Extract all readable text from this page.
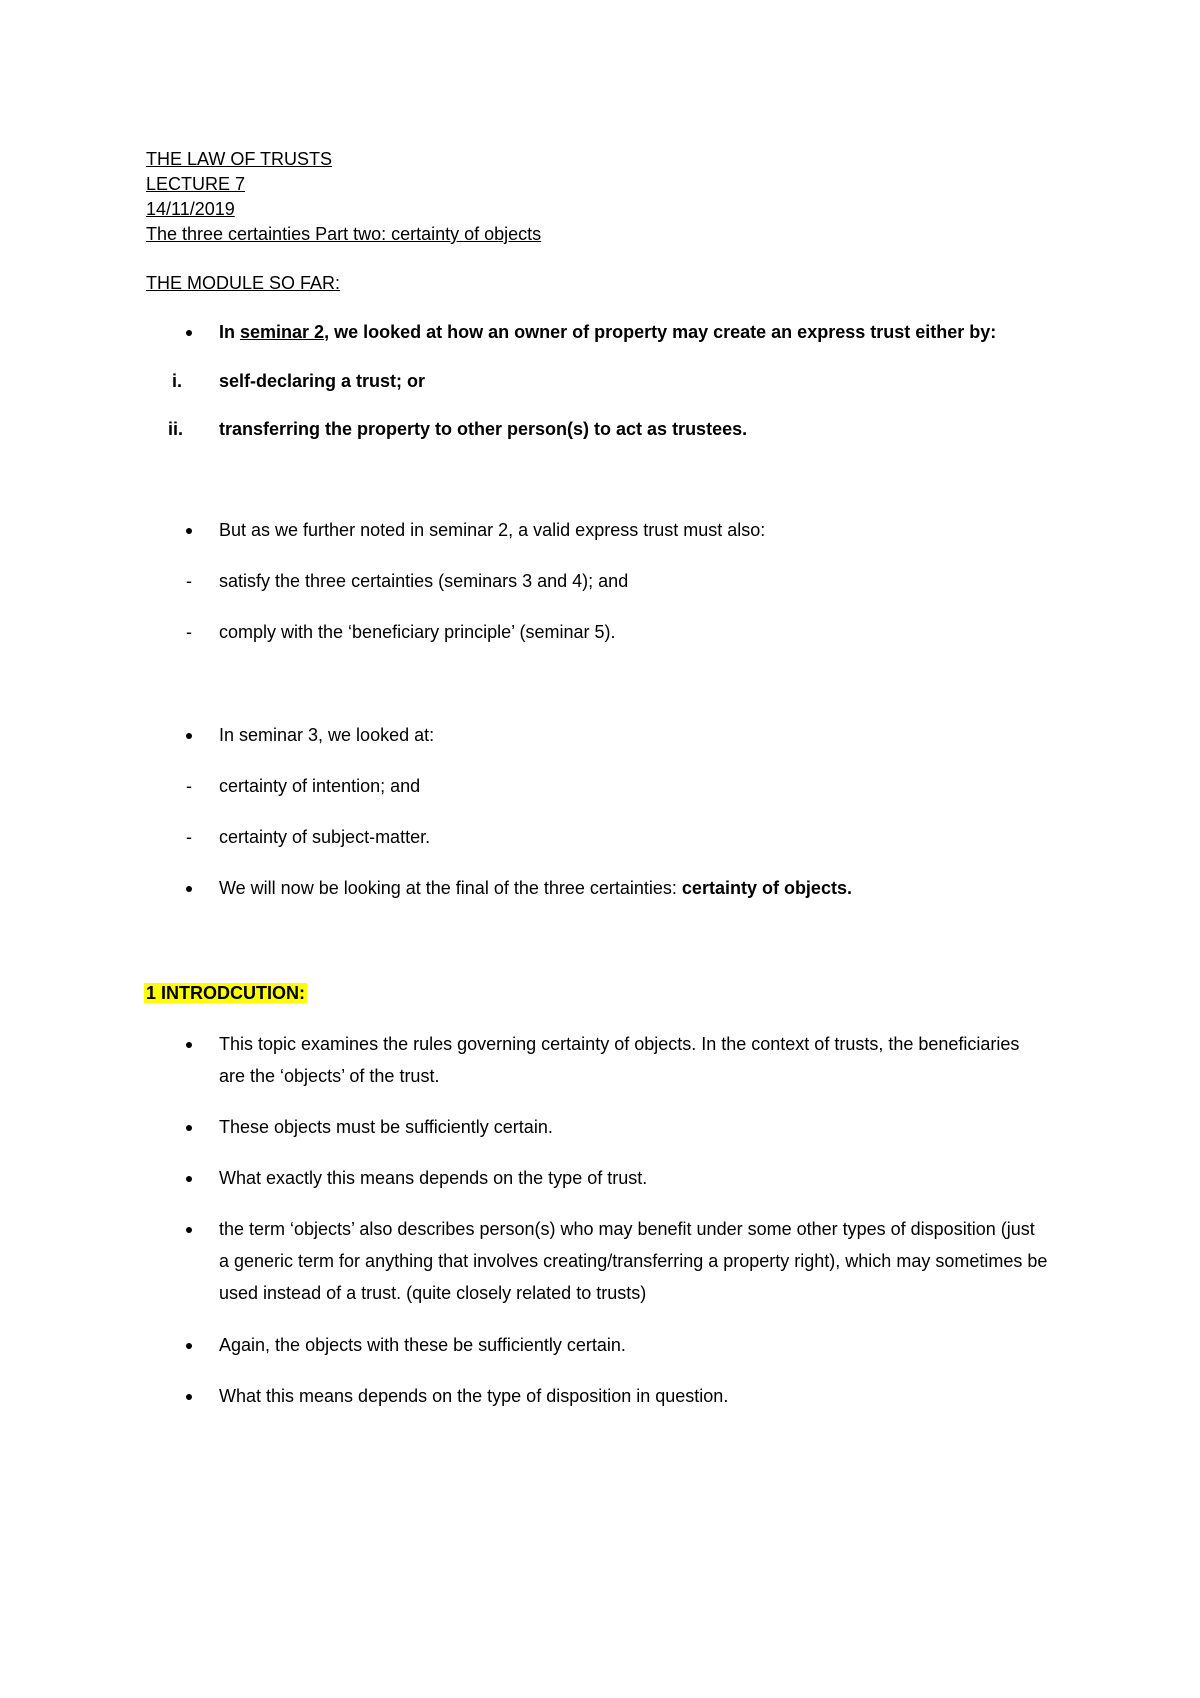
THE LAW OF TRUSTS
LECTURE 7
14/11/2019
The three certainties Part two: certainty of objects
THE MODULE SO FAR:
In seminar 2, we looked at how an owner of property may create an express trust either by:
i. self-declaring a trust; or
ii. transferring the property to other person(s) to act as trustees.
But as we further noted in seminar 2, a valid express trust must also:
- satisfy the three certainties (seminars 3 and 4); and
- comply with the ‘beneficiary principle’ (seminar 5).
In seminar 3, we looked at:
- certainty of intention; and
- certainty of subject-matter.
We will now be looking at the final of the three certainties: certainty of objects.
1 INTRODCUTION:
This topic examines the rules governing certainty of objects. In the context of trusts, the beneficiaries are the ‘objects’ of the trust.
These objects must be sufficiently certain.
What exactly this means depends on the type of trust.
the term ‘objects’ also describes person(s) who may benefit under some other types of disposition (just a generic term for anything that involves creating/transferring a property right), which may sometimes be used instead of a trust. (quite closely related to trusts)
Again, the objects with these be sufficiently certain.
What this means depends on the type of disposition in question.
